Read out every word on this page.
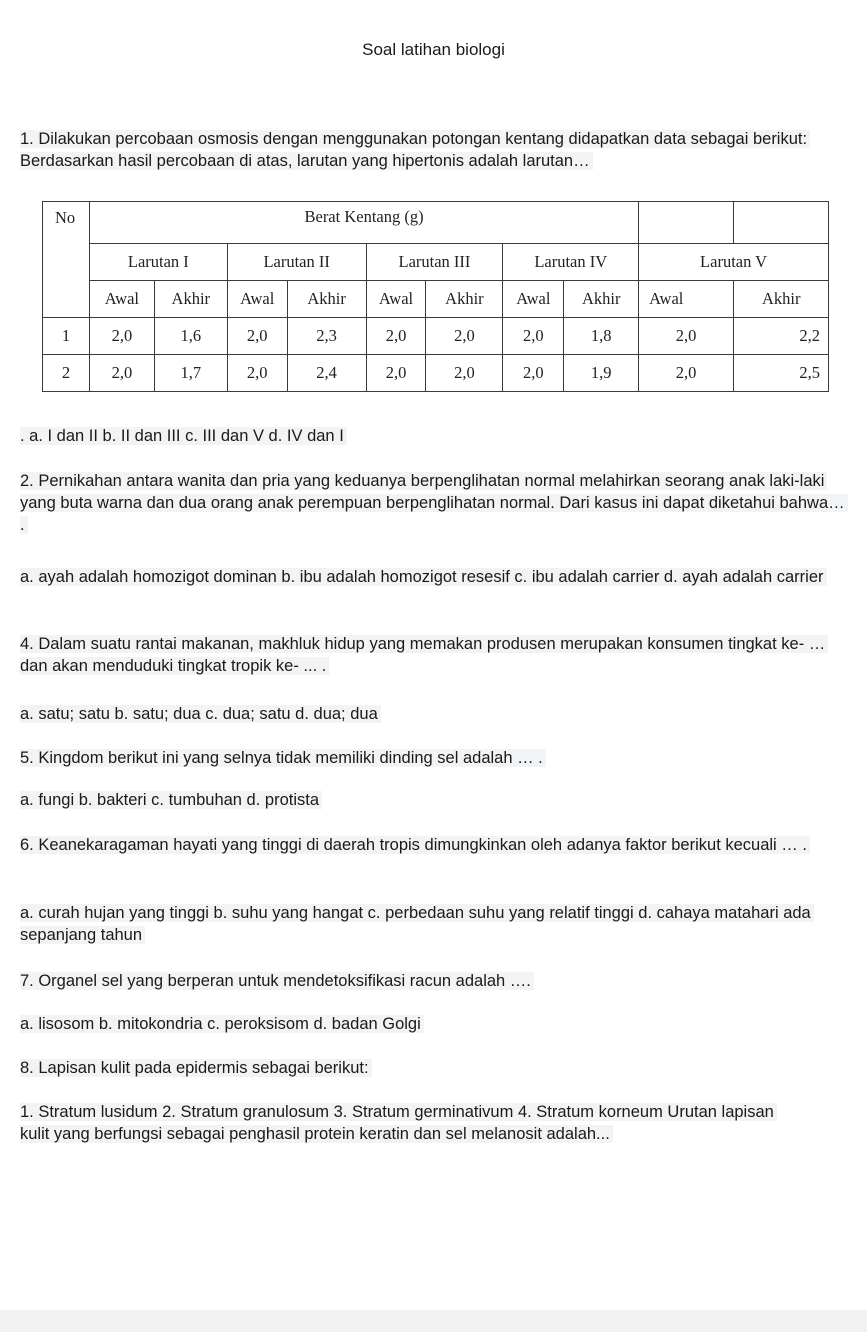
Soal latihan biologi
1. Dilakukan percobaan osmosis dengan menggunakan potongan kentang didapatkan data sebagai berikut: Berdasarkan hasil percobaan di atas, larutan yang hipertonis adalah larutan…
No	Berat Kentang (g)									
	Larutan I		Larutan II		Larutan III		Larutan IV		Larutan V	
	Awal	Akhir	Awal	Akhir	Awal	Akhir	Awal	Akhir	Awal	Akhir
1	2,0	1,6	2,0	2,3	2,0	2,0	2,0	1,8	2,0	2,2
2	2,0	1,7	2,0	2,4	2,0	2,0	2,0	1,9	2,0	2,5
. a. I dan II b. II dan III c. III dan V d. IV dan I
2. Pernikahan antara wanita dan pria yang keduanya berpenglihatan normal melahirkan seorang anak laki-laki yang buta warna dan dua orang anak perempuan berpenglihatan normal. Dari kasus ini dapat diketahui bahwa… .
a. ayah adalah homozigot dominan b. ibu adalah homozigot resesif c. ibu adalah carrier d. ayah adalah carrier
4. Dalam suatu rantai makanan, makhluk hidup yang memakan produsen merupakan konsumen tingkat ke- … dan akan menduduki tingkat tropik ke- ... .
a. satu; satu b. satu; dua c. dua; satu d. dua; dua
5. Kingdom berikut ini yang selnya tidak memiliki dinding sel adalah … .
a. fungi b. bakteri c. tumbuhan d. protista
6. Keanekaragaman hayati yang tinggi di daerah tropis dimungkinkan oleh adanya faktor berikut kecuali … .
a. curah hujan yang tinggi b. suhu yang hangat c. perbedaan suhu yang relatif tinggi d. cahaya matahari ada sepanjang tahun
7. Organel sel yang berperan untuk mendetoksifikasi racun adalah ….
a. lisosom b. mitokondria c. peroksisom d. badan Golgi
8. Lapisan kulit pada epidermis sebagai berikut:
1. Stratum lusidum 2. Stratum granulosum 3. Stratum germinativum 4. Stratum korneum Urutan lapisan kulit yang berfungsi sebagai penghasil protein keratin dan sel melanosit adalah...
